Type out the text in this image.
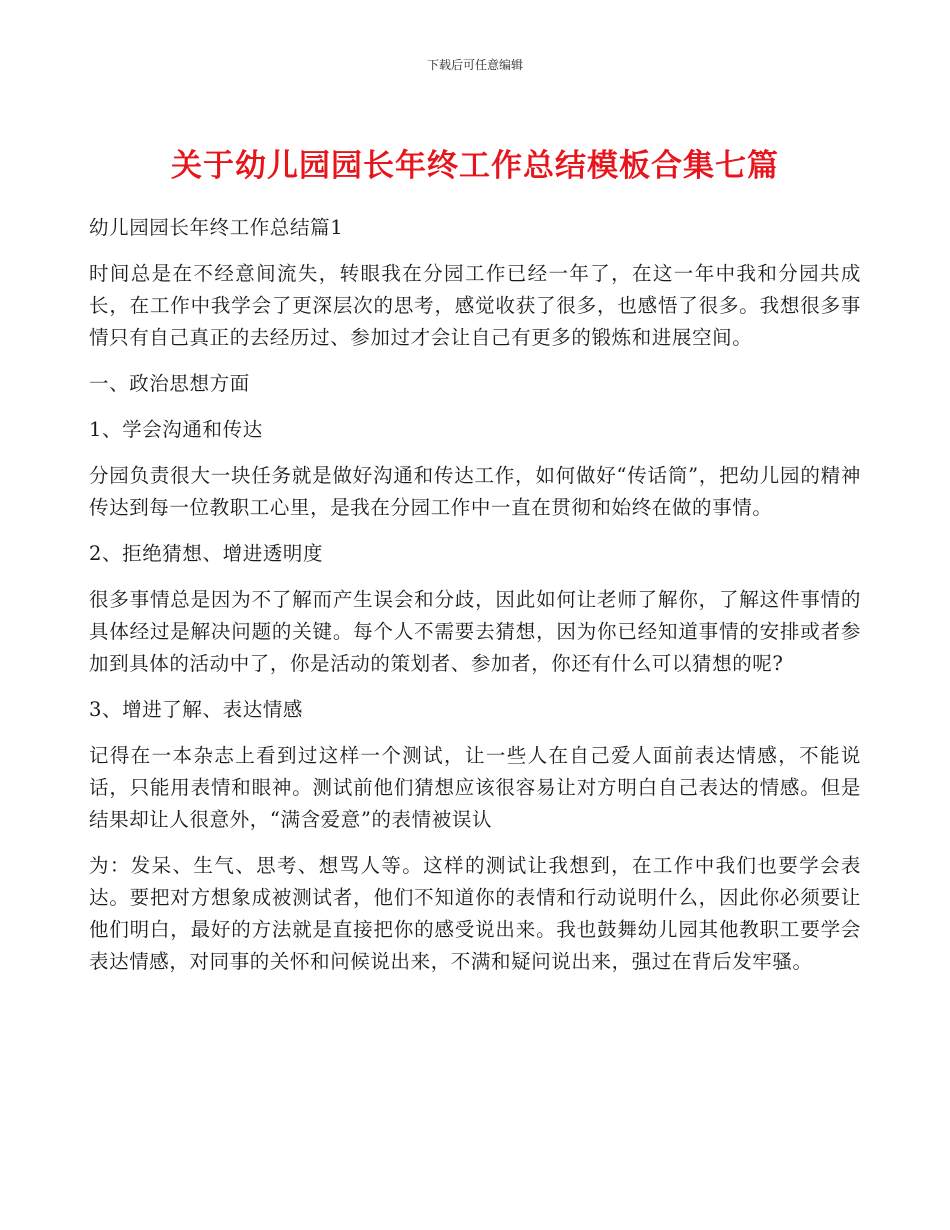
下载后可任意编辑
关于幼儿园园长年终工作总结模板合集七篇

幼儿园园长年终工作总结篇1

时间总是在不经意间流失，转眼我在分园工作已经一年了，在这一年中我和分园共成长，在工作中我学会了更深层次的思考，感觉收获了很多，也感悟了很多。我想很多事情只有自己真正的去经历过、参加过才会让自己有更多的锻炼和进展空间。

一、政治思想方面

1、学会沟通和传达

分园负责很大一块任务就是做好沟通和传达工作，如何做好“传话筒”，把幼儿园的精神传达到每一位教职工心里，是我在分园工作中一直在贯彻和始终在做的事情。

2、拒绝猜想、增进透明度

很多事情总是因为不了解而产生误会和分歧，因此如何让老师了解你，了解这件事情的具体经过是解决问题的关键。每个人不需要去猜想，因为你已经知道事情的安排或者参加到具体的活动中了，你是活动的策划者、参加者，你还有什么可以猜想的呢?

3、增进了解、表达情感

记得在一本杂志上看到过这样一个测试，让一些人在自己爱人面前表达情感，不能说话，只能用表情和眼神。测试前他们猜想应该很容易让对方明白自己表达的情感。但是结果却让人很意外，“满含爱意”的表情被误认

为：发呆、生气、思考、想骂人等。这样的测试让我想到，在工作中我们也要学会表达。要把对方想象成被测试者，他们不知道你的表情和行动说明什么，因此你必须要让他们明白，最好的方法就是直接把你的感受说出来。我也鼓舞幼儿园其他教职工要学会表达情感，对同事的关怀和问候说出来，不满和疑问说出来，强过在背后发牢骚。
